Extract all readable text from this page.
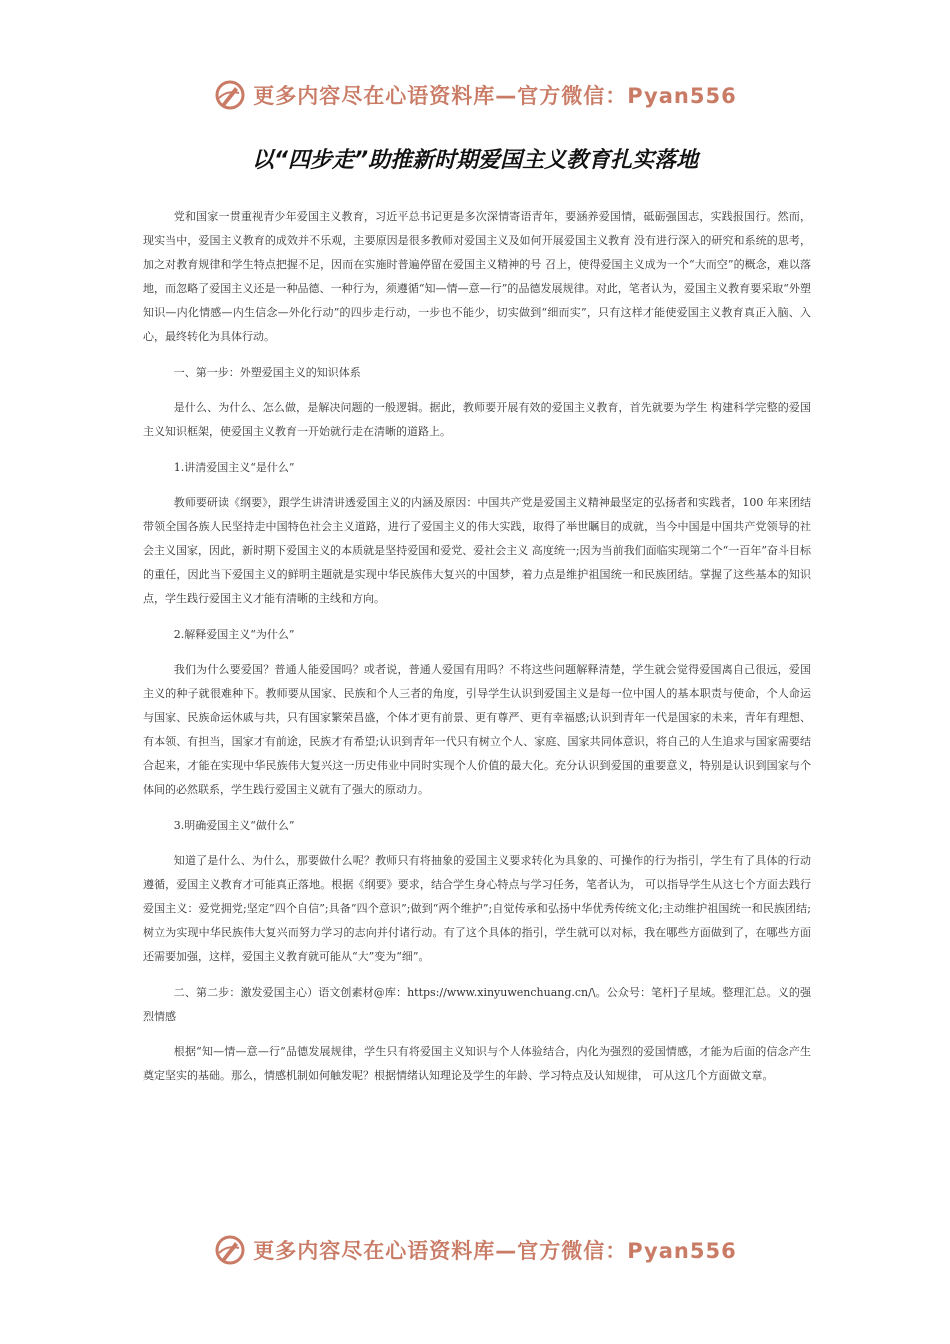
更多内容尽在心语资料库—官方微信：Pyan556
以“四步走”助推新时期爱国主义教育扎实落地

党和国家一贯重视青少年爱国主义教育，习近平总书记更是多次深情寄语青年，要涵养爱国情，砥砺强国志，实践报国行。然而，现实当中，爱国主义教育的成效并不乐观，主要原因是很多教师对爱国主义及如何开展爱国主义教育 没有进行深入的研究和系统的思考，加之对教育规律和学生特点把握不足，因而在实施时普遍停留在爱国主义精神的号 召上，使得爱国主义成为一个“大而空”的概念，难以落地，而忽略了爱国主义还是一种品德、一种行为，须遵循“知—情—意—行”的品德发展规律。对此，笔者认为，爱国主义教育要采取“外塑知识—内化情感—内生信念—外化行动”的四步走行动，一步也不能少，切实做到“细而实”，只有这样才能使爱国主义教育真正入脑、入心，最终转化为具体行动。

一、第一步：外塑爱国主义的知识体系

是什么、为什么、怎么做，是解决问题的一般逻辑。据此，教师要开展有效的爱国主义教育，首先就要为学生 构建科学完整的爱国主义知识框架，使爱国主义教育一开始就行走在清晰的道路上。

1.讲清爱国主义“是什么”

教师要研读《纲要》，跟学生讲清讲透爱国主义的内涵及原因：中国共产党是爱国主义精神最坚定的弘扬者和实践者，100 年来团结带领全国各族人民坚持走中国特色社会主义道路，进行了爱国主义的伟大实践，取得了举世瞩目的成就，当今中国是中国共产党领导的社会主义国家，因此，新时期下爱国主义的本质就是坚持爱国和爱党、爱社会主义 高度统一;因为当前我们面临实现第二个“一百年”奋斗目标的重任，因此当下爱国主义的鲜明主题就是实现中华民族伟大复兴的中国梦，着力点是维护祖国统一和民族团结。掌握了这些基本的知识点，学生践行爱国主义才能有清晰的主线和方向。

2.解释爱国主义“为什么”

我们为什么要爱国？普通人能爱国吗？或者说，普通人爱国有用吗？不将这些问题解释清楚，学生就会觉得爱国离自己很远，爱国主义的种子就很难种下。教师要从国家、民族和个人三者的角度，引导学生认识到爱国主义是每一位中国人的基本职责与使命，个人命运与国家、民族命运休戚与共，只有国家繁荣昌盛，个体才更有前景、更有尊严、更有幸福感;认识到青年一代是国家的未来，青年有理想、有本领、有担当，国家才有前途，民族才有希望;认识到青年一代只有树立个人、家庭、国家共同体意识，将自己的人生追求与国家需要结合起来，才能在实现中华民族伟大复兴这一历史伟业中同时实现个人价值的最大化。充分认识到爱国的重要意义，特别是认识到国家与个体间的必然联系，学生践行爱国主义就有了强大的原动力。

3.明确爱国主义“做什么”

知道了是什么、为什么，那要做什么呢？教师只有将抽象的爱国主义要求转化为具象的、可操作的行为指引，学生有了具体的行动遵循，爱国主义教育才可能真正落地。根据《纲要》要求，结合学生身心特点与学习任务，笔者认为， 可以指导学生从这七个方面去践行爱国主义：爱党拥党;坚定“四个自信”;具备“四个意识”;做到“两个维护”;自觉传承和弘扬中华优秀传统文化;主动维护祖国统一和民族团结;树立为实现中华民族伟大复兴而努力学习的志向并付诸行动。有了这个具体的指引，学生就可以对标，我在哪些方面做到了，在哪些方面还需要加强，这样，爱国主义教育就可能从“大”变为“细”。

二、第二步：激发爱国主心）语文创素材@库：https://www.xinyuwenchuang.cn/\。公众号：笔杆]子星域。整理汇总。义的强烈情感

根据“知—情—意—行”品德发展规律，学生只有将爱国主义知识与个人体验结合，内化为强烈的爱国情感，才能为后面的信念产生奠定坚实的基础。那么，情感机制如何触发呢？根据情绪认知理论及学生的年龄、学习特点及认知规律， 可从这几个方面做文章。

更多内容尽在心语资料库—官方微信：Pyan556
